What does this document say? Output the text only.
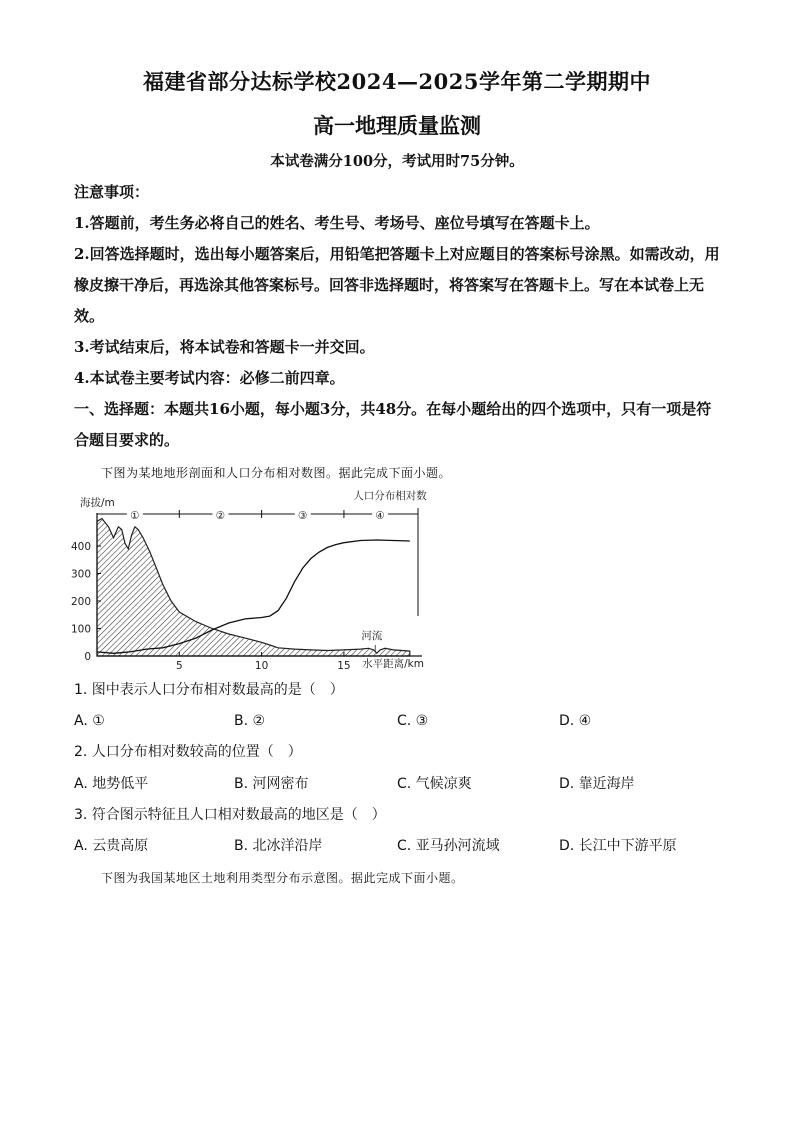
福建省部分达标学校2024—2025学年第二学期期中
高一地理质量监测
本试卷满分100分，考试用时75分钟。

注意事项：

1.答题前，考生务必将自己的姓名、考生号、考场号、座位号填写在答题卡上。

2.回答选择题时，选出每小题答案后，用铅笔把答题卡上对应题目的答案标号涂黑。如需改动，用橡皮擦干净后，再选涂其他答案标号。回答非选择题时，将答案写在答题卡上。写在本试卷上无效。

3.考试结束后，将本试卷和答题卡一并交回。

4.本试卷主要考试内容：必修二前四章。

一、选择题：本题共16小题，每小题3分，共48分。在每小题给出的四个选项中，只有一项是符合题目要求的。

下图为某地地形剖面和人口分布相对数图。据此完成下面小题。
100
200
300
400
0
5	10	15
海拔/m
水平距离/km
人口分布相对数
河流
①	②	③	④
1. 图中表示人口分布相对数最高的是（　）
A. ①	B. ②	C. ③	D. ④
2. 人口分布相对数较高的位置（　）
A. 地势低平	B. 河网密布	C. 气候凉爽	D. 靠近海岸
3. 符合图示特征且人口相对数最高的地区是（　）
A. 云贵高原	B. 北冰洋沿岸	C. 亚马孙河流域	D. 长江中下游平原
下图为我国某地区土地利用类型分布示意图。据此完成下面小题。
